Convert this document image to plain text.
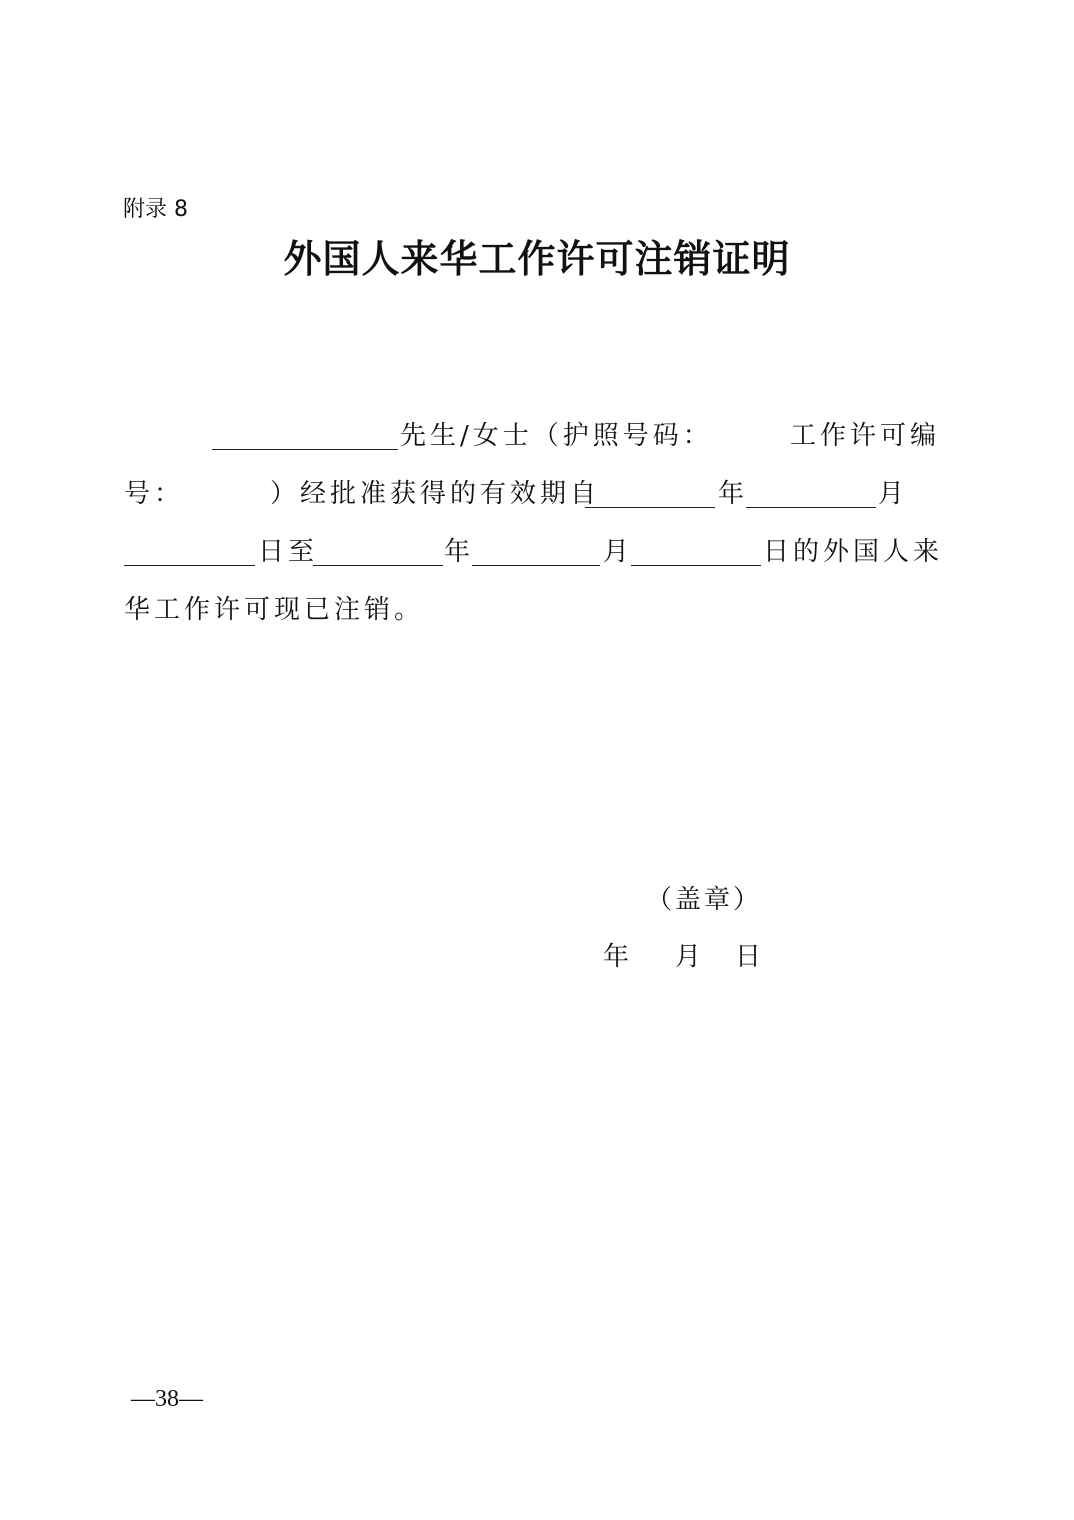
附录 8
外国人来华工作许可注销证明
先生/女士（护照号码：	工作许可编
号：	）经批准获得的有效期自	年	月
日至	年	月	日的外国人来
华工作许可现已注销。
（盖章）
年 月 日
—38—
